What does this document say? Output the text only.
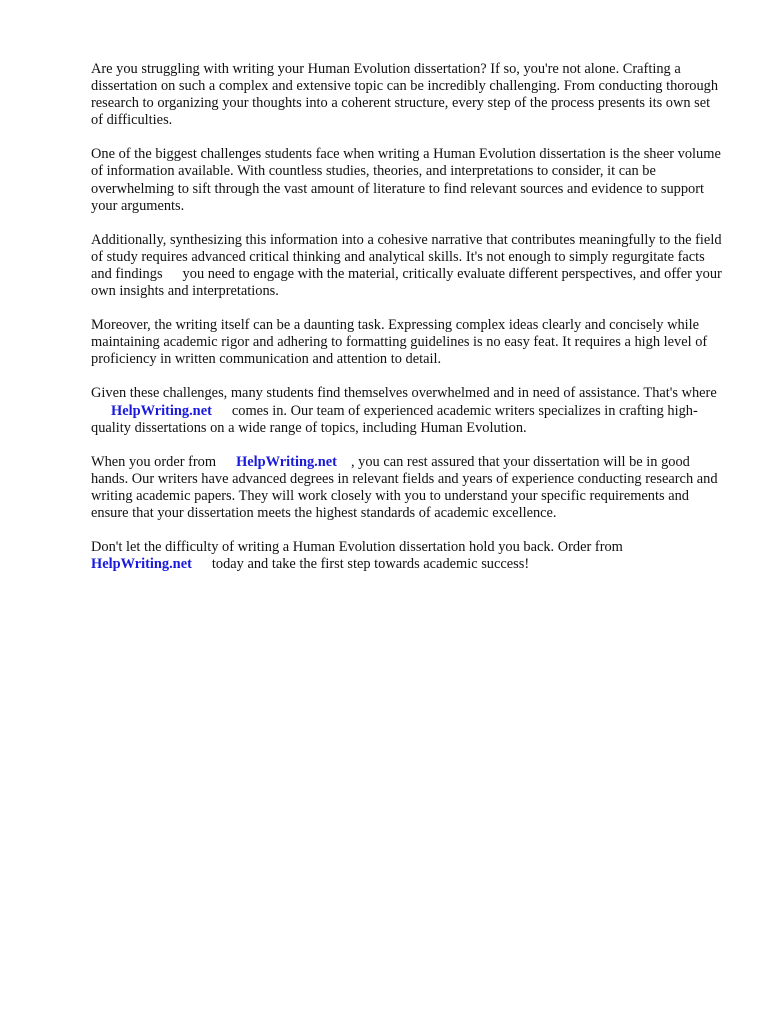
Are you struggling with writing your Human Evolution dissertation? If so, you're not alone. Crafting a dissertation on such a complex and extensive topic can be incredibly challenging. From conducting thorough research to organizing your thoughts into a coherent structure, every step of the process presents its own set of difficulties.

One of the biggest challenges students face when writing a Human Evolution dissertation is the sheer volume of information available. With countless studies, theories, and interpretations to consider, it can be overwhelming to sift through the vast amount of literature to find relevant sources and evidence to support your arguments.

Additionally, synthesizing this information into a cohesive narrative that contributes meaningfully to the field of study requires advanced critical thinking and analytical skills. It's not enough to simply regurgitate facts and findings you need to engage with the material, critically evaluate different perspectives, and offer your own insights and interpretations.

Moreover, the writing itself can be a daunting task. Expressing complex ideas clearly and concisely while maintaining academic rigor and adhering to formatting guidelines is no easy feat. It requires a high level of proficiency in written communication and attention to detail.

Given these challenges, many students find themselves overwhelmed and in need of assistance. That's whereHelpWriting.net comes in. Our team of experienced academic writers specializes in crafting high-quality dissertations on a wide range of topics, including Human Evolution.

When you order from HelpWriting.net , you can rest assured that your dissertation will be in good hands. Our writers have advanced degrees in relevant fields and years of experience conducting research and writing academic papers. They will work closely with you to understand your specific requirements and ensure that your dissertation meets the highest standards of academic excellence.

Don't let the difficulty of writing a Human Evolution dissertation hold you back. Order from HelpWriting.net today and take the first step towards academic success!
